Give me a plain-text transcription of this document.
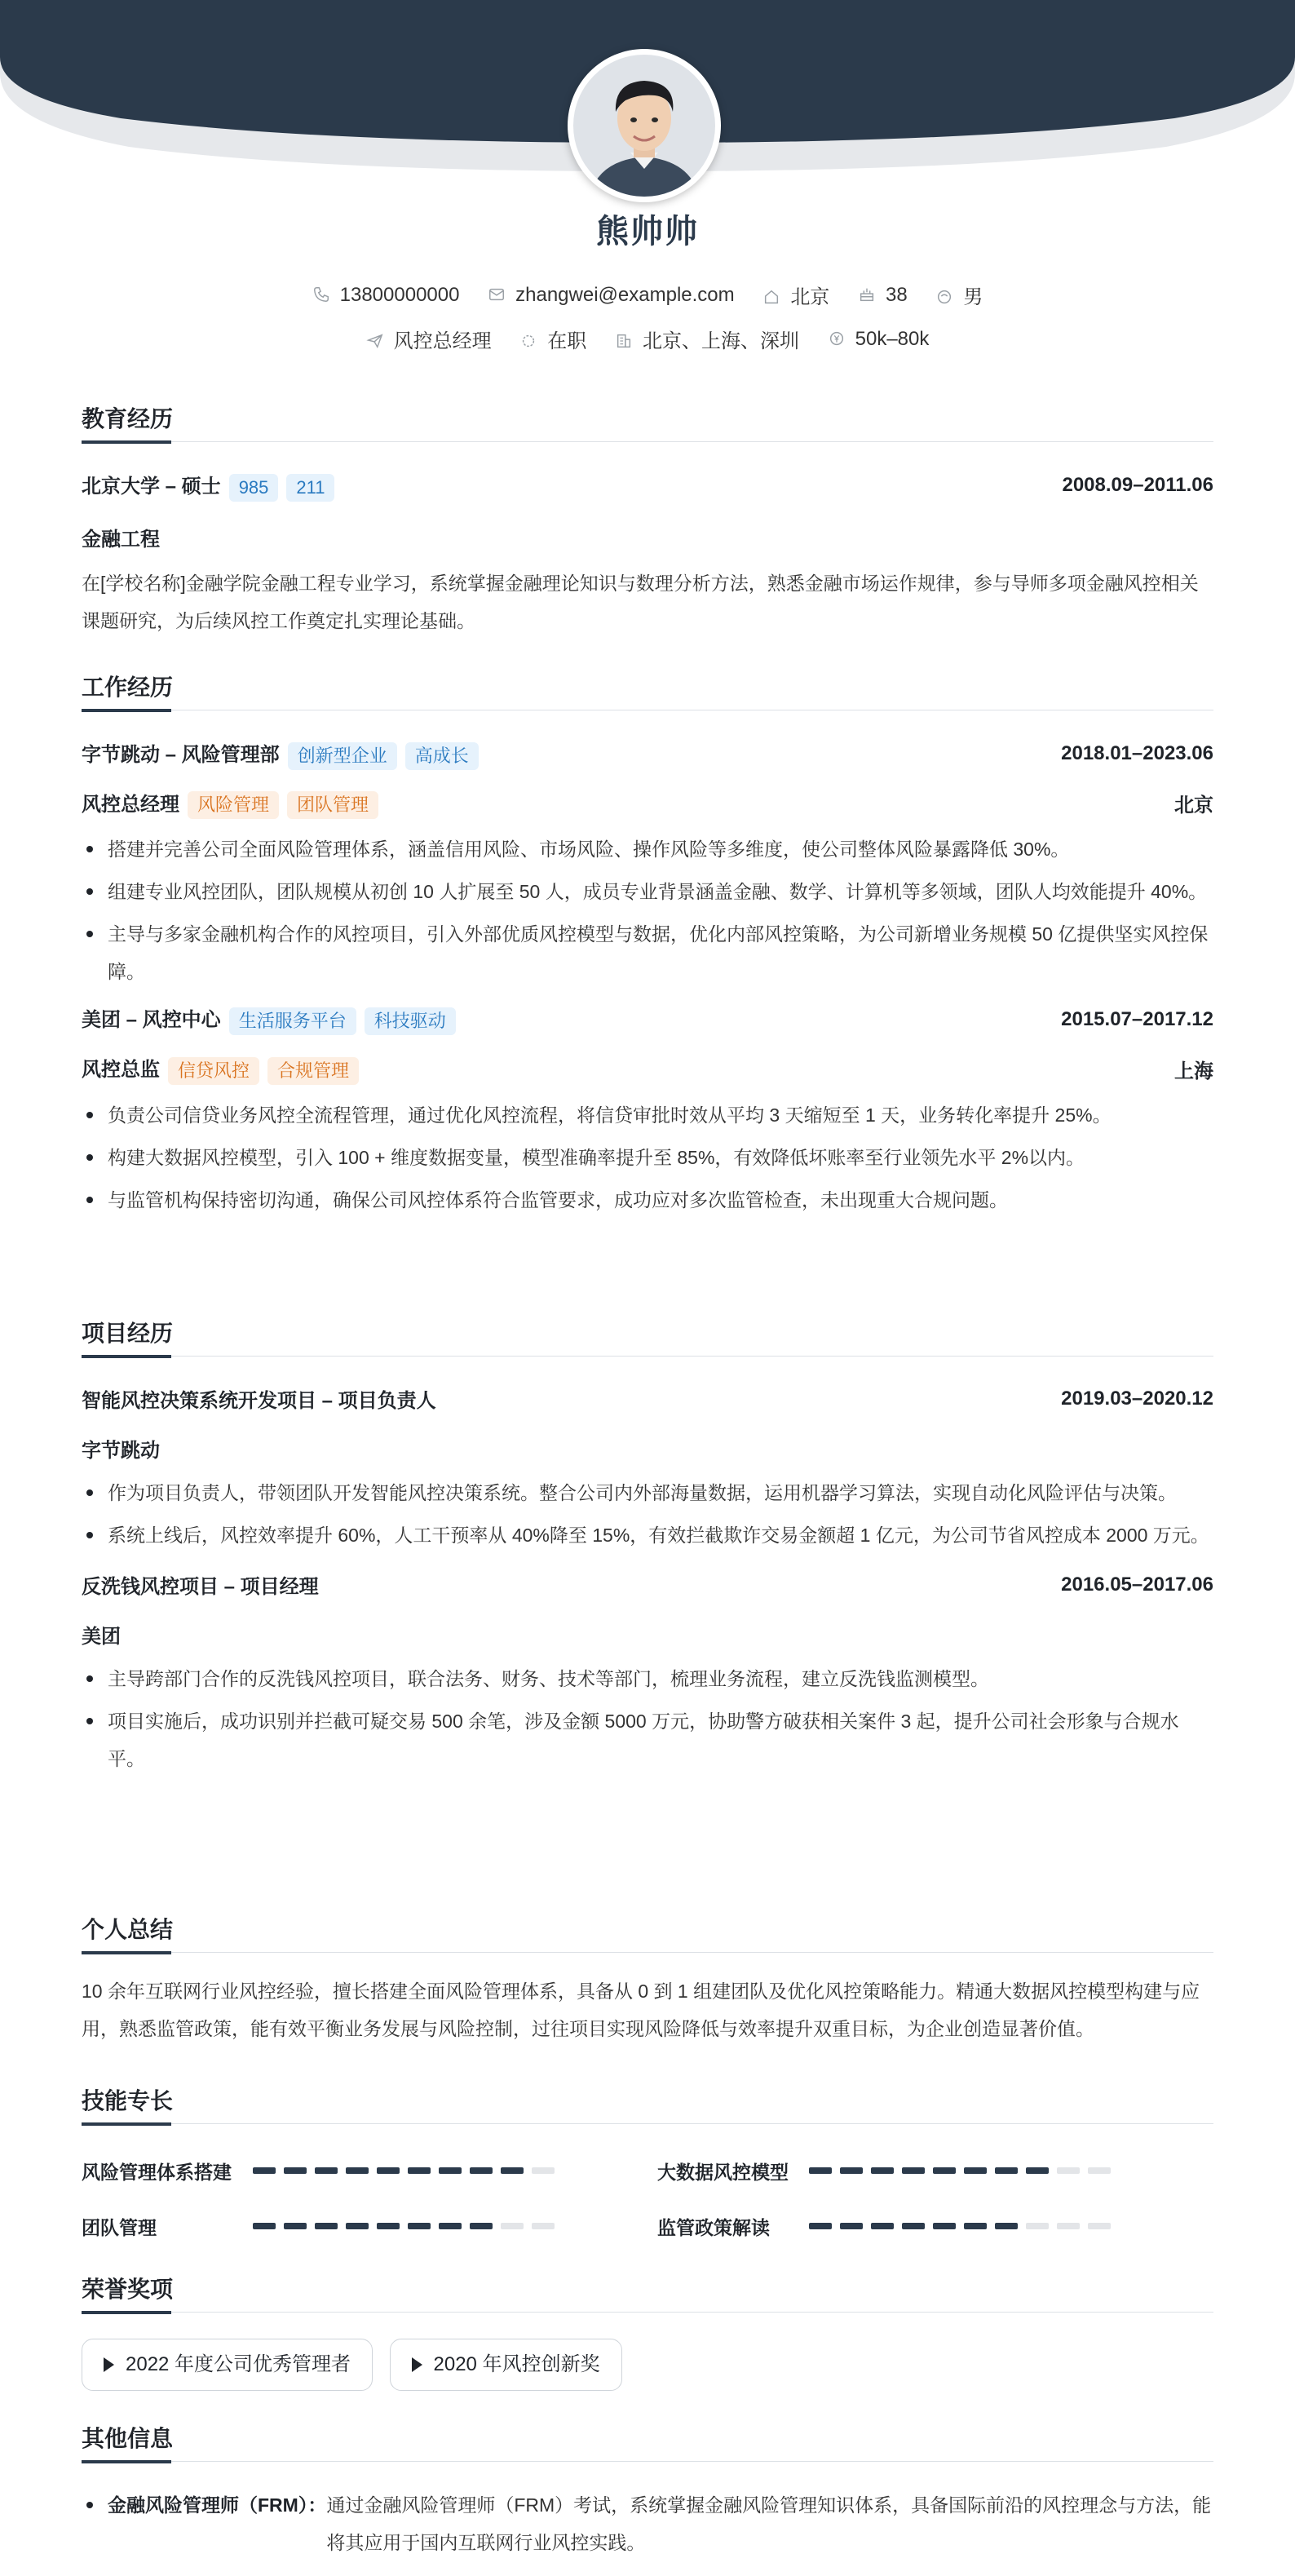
熊帅帅
13800000000	zhangwei@example.com	北京	38	男
风控总经理	在职	北京、上海、深圳	50k–80k
教育经历
北京大学 – 硕士 985 211	2008.09–2011.06
金融工程
在[学校名称]金融学院金融工程专业学习，系统掌握金融理论知识与数理分析方法，熟悉金融市场运作规律，参与导师多项金融风控相关课题研究，为后续风控工作奠定扎实理论基础。
工作经历
字节跳动 – 风险管理部 创新型企业 高成长	2018.01–2023.06
风控总经理 风险管理 团队管理	北京
搭建并完善公司全面风险管理体系，涵盖信用风险、市场风险、操作风险等多维度，使公司整体风险暴露降低 30%。
组建专业风控团队，团队规模从初创 10 人扩展至 50 人，成员专业背景涵盖金融、数学、计算机等多领域，团队人均效能提升 40%。
主导与多家金融机构合作的风控项目，引入外部优质风控模型与数据，优化内部风控策略，为公司新增业务规模 50 亿提供坚实风控保障。
美团 – 风控中心 生活服务平台 科技驱动	2015.07–2017.12
风控总监 信贷风控 合规管理	上海
负责公司信贷业务风控全流程管理，通过优化风控流程，将信贷审批时效从平均 3 天缩短至 1 天，业务转化率提升 25%。
构建大数据风控模型，引入 100 + 维度数据变量，模型准确率提升至 85%，有效降低坏账率至行业领先水平 2%以内。
与监管机构保持密切沟通，确保公司风控体系符合监管要求，成功应对多次监管检查，未出现重大合规问题。
项目经历
智能风控决策系统开发项目 – 项目负责人	2019.03–2020.12
字节跳动
作为项目负责人，带领团队开发智能风控决策系统。整合公司内外部海量数据，运用机器学习算法，实现自动化风险评估与决策。
系统上线后，风控效率提升 60%，人工干预率从 40%降至 15%，有效拦截欺诈交易金额超 1 亿元，为公司节省风控成本 2000 万元。
反洗钱风控项目 – 项目经理	2016.05–2017.06
美团
主导跨部门合作的反洗钱风控项目，联合法务、财务、技术等部门，梳理业务流程，建立反洗钱监测模型。
项目实施后，成功识别并拦截可疑交易 500 余笔，涉及金额 5000 万元，协助警方破获相关案件 3 起，提升公司社会形象与合规水平。
个人总结
10 余年互联网行业风控经验，擅长搭建全面风险管理体系，具备从 0 到 1 组建团队及优化风控策略能力。精通大数据风控模型构建与应用，熟悉监管政策，能有效平衡业务发展与风险控制，过往项目实现风险降低与效率提升双重目标，为企业创造显著价值。
技能专长
风险管理体系搭建	大数据风控模型
团队管理	监管政策解读
荣誉奖项
2022 年度公司优秀管理者	2020 年风控创新奖
其他信息
金融风险管理师（FRM）： 通过金融风险管理师（FRM）考试，系统掌握金融风险管理知识体系，具备国际前沿的风控理念与方法，能将其应用于国内互联网行业风控实践。
